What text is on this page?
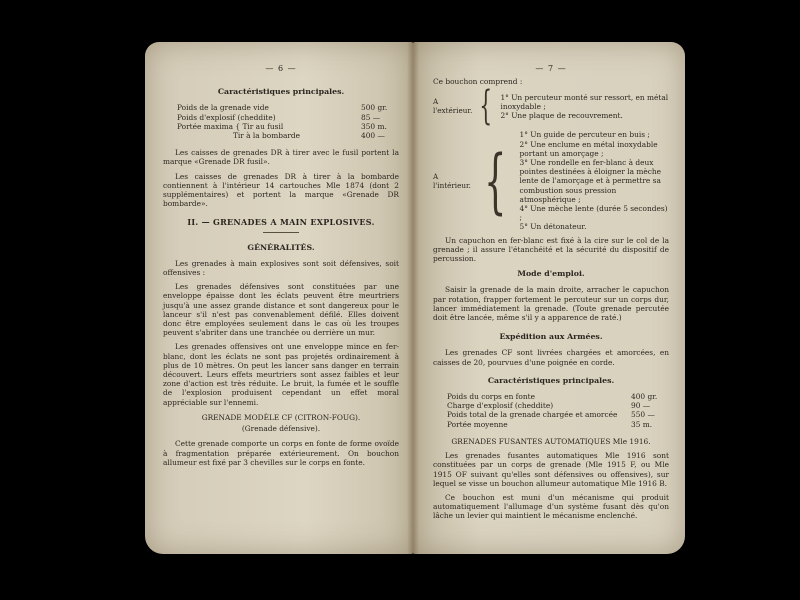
— 6 —
Caractéristiques principales.
Poids de la grenade vide	500 gr.
Poids d'explosif (cheddite)	85 —
Portée maxima { Tir au fusil	350 m.
Tir à la bombarde	400 —

Les caisses de grenades DR à tirer avec le fusil portent la marque «Grenade DR fusil».

Les caisses de grenades DR à tirer à la bombarde contiennent à l'intérieur 14 cartouches Mle 1874 (dont 2 supplémentaires) et portent la marque «Grenade DR bombarde».

II. — GRENADES A MAIN EXPLOSIVES.
GÉNÉRALITÉS.

Les grenades à main explosives sont soit défensives, soit offensives :

Les grenades défensives sont constituées par une enveloppe épaisse dont les éclats peuvent être meurtriers jusqu'à une assez grande distance et sont dangereux pour le lanceur s'il n'est pas convenablement défilé. Elles doivent donc être employées seulement dans le cas où les troupes peuvent s'abriter dans une tranchée ou derrière un mur.

Les grenades offensives ont une enveloppe mince en fer-blanc, dont les éclats ne sont pas projetés ordinairement à plus de 10 mètres. On peut les lancer sans danger en terrain découvert. Leurs effets meurtriers sont assez faibles et leur zone d'action est très réduite. Le bruit, la fumée et le souffle de l'explosion produisent cependant un effet moral appréciable sur l'ennemi.

GRENADE MODÈLE CF (CITRON-FOUG).
(Grenade défensive).

Cette grenade comporte un corps en fonte de forme ovoïde à fragmentation préparée extérieurement. On bouchon allumeur est fixé par 3 chevilles sur le corps en fonte.

— 7 —
Ce bouchon comprend :
A l'extérieur. { 1° Un percuteur monté sur ressort, en métal inoxydable ;
2° Une plaque de recouvrement.
A l'intérieur. {
1° Un guide de percuteur en buis ;
2° Une enclume en métal inoxydable portant un amorçage ;
3° Une rondelle en fer-blanc à deux pointes destinées à éloigner la mèche lente de l'amorçage et à permettre sa combustion sous pression atmosphérique ;
4° Une mèche lente (durée 5 secondes) ;
5° Un détonateur.

Un capuchon en fer-blanc est fixé à la cire sur le col de la grenade ; il assure l'étanchéité et la sécurité du dispositif de percussion.

Mode d'emploi.

Saisir la grenade de la main droite, arracher le capuchon par rotation, frapper fortement le percuteur sur un corps dur, lancer immédiatement la grenade. (Toute grenade percutée doit être lancée, même s'il y a apparence de raté.)

Expédition aux Armées.

Les grenades CF sont livrées chargées et amorcées, en caisses de 20, pourvues d'une poignée en corde.

Caractéristiques principales.
Poids du corps en fonte	400 gr.
Charge d'explosif (cheddite)	90 —
Poids total de la grenade chargée et amorcée 550 —
Portée moyenne	35 m.
GRENADES FUSANTES AUTOMATIQUES Mle 1916.

Les grenades fusantes automatiques Mle 1916 sont constituées par un corps de grenade (Mle 1915 F, ou Mle 1915 OF suivant qu'elles sont défensives ou offensives), sur lequel se visse un bouchon allumeur automatique Mle 1916 B.

Ce bouchon est muni d'un mécanisme qui produit automatiquement l'allumage d'un système fusant dès qu'on lâche un levier qui maintient le mécanisme enclenché.
